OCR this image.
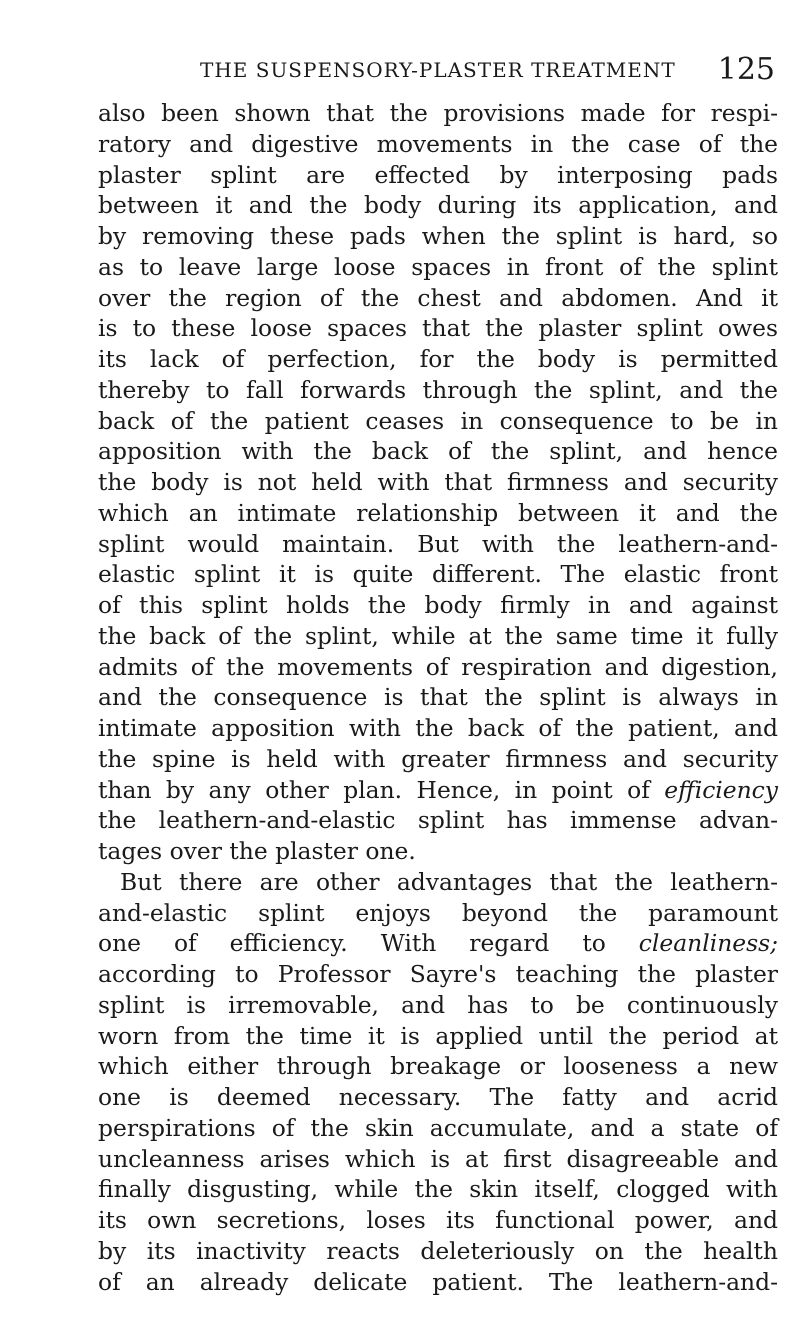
THE SUSPENSORY-PLASTER TREATMENT 125
also been shown that the provisions made for respi-
ratory and digestive movements in the case of the
plaster splint are effected by interposing pads
between it and the body during its application, and
by removing these pads when the splint is hard, so
as to leave large loose spaces in front of the splint
over the region of the chest and abdomen. And it
is to these loose spaces that the plaster splint owes
its lack of perfection, for the body is permitted
thereby to fall forwards through the splint, and the
back of the patient ceases in consequence to be in
apposition with the back of the splint, and hence
the body is not held with that firmness and security
which an intimate relationship between it and the
splint would maintain. But with the leathern-and-
elastic splint it is quite different. The elastic front
of this splint holds the body firmly in and against
the back of the splint, while at the same time it fully
admits of the movements of respiration and digestion,
and the consequence is that the splint is always in
intimate apposition with the back of the patient, and
the spine is held with greater firmness and security
than by any other plan. Hence, in point of efficiency
the leathern-and-elastic splint has immense advan-
tages over the plaster one.
But there are other advantages that the leathern-
and-elastic splint enjoys beyond the paramount
one of efficiency. With regard to cleanliness;
according to Professor Sayre's teaching the plaster
splint is irremovable, and has to be continuously
worn from the time it is applied until the period at
which either through breakage or looseness a new
one is deemed necessary. The fatty and acrid
perspirations of the skin accumulate, and a state of
uncleanness arises which is at first disagreeable and
finally disgusting, while the skin itself, clogged with
its own secretions, loses its functional power, and
by its inactivity reacts deleteriously on the health
of an already delicate patient. The leathern-and-
